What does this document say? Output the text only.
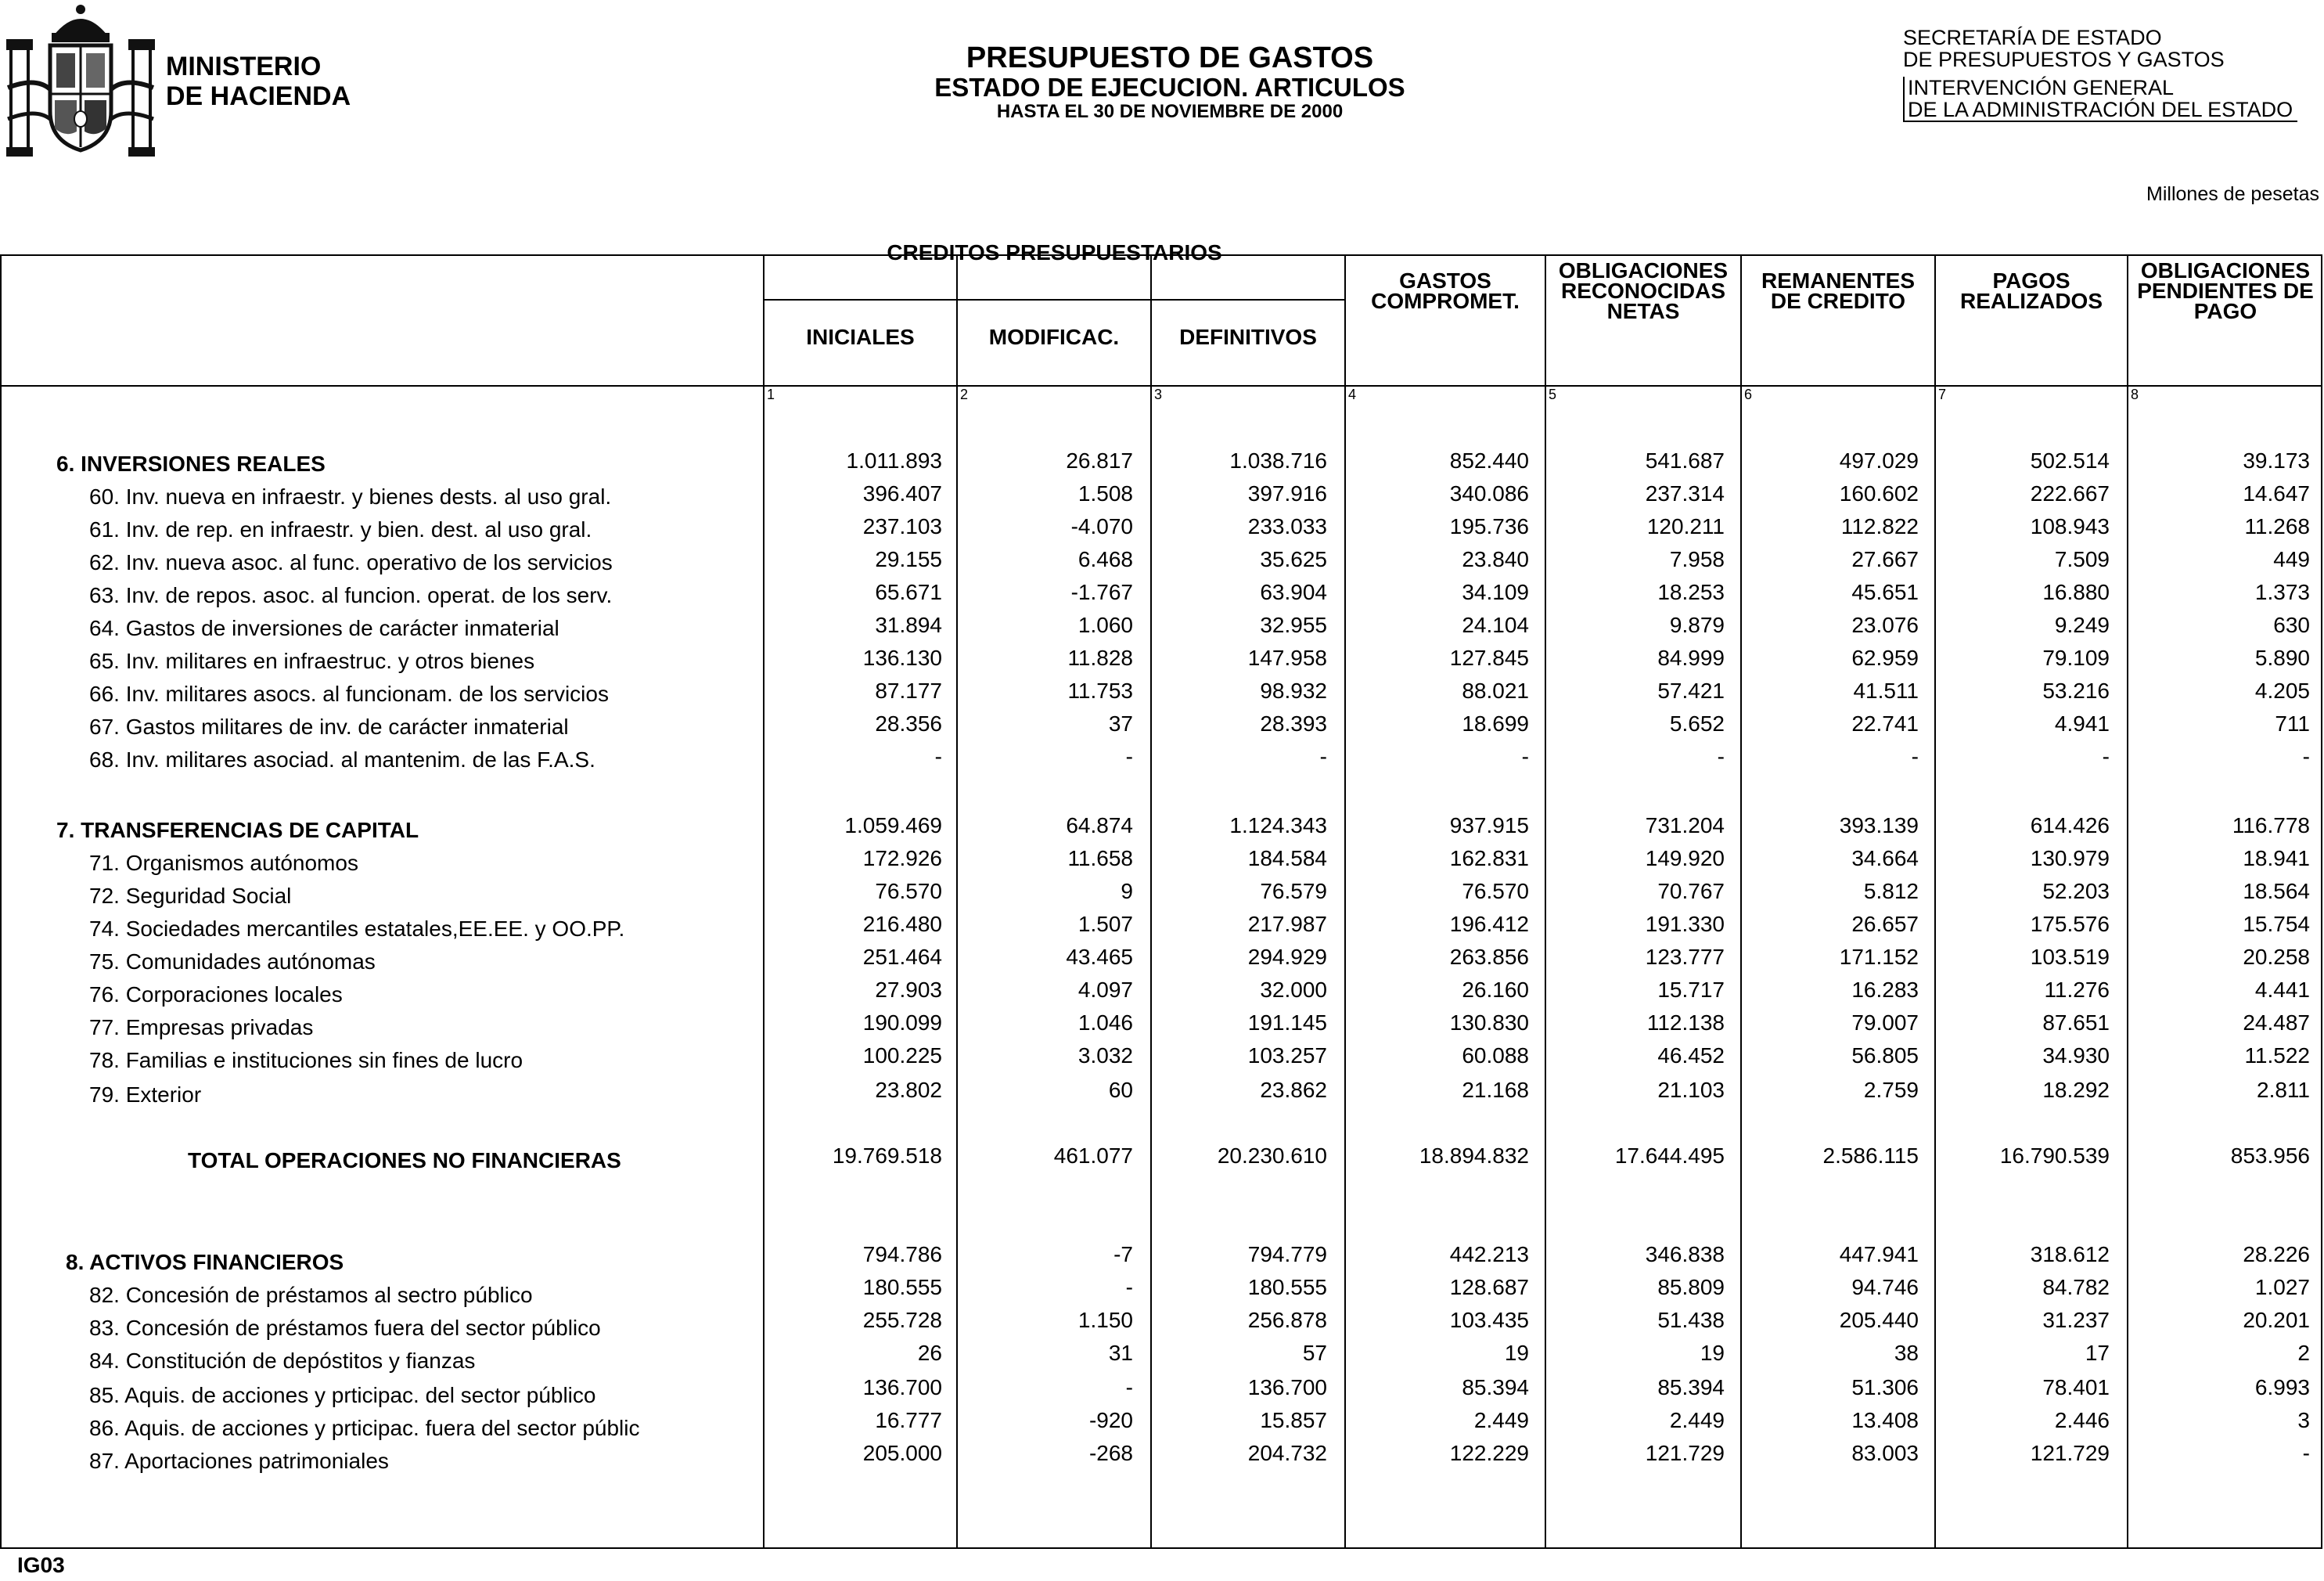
MINISTERIO
DE HACIENDA
PRESUPUESTO DE GASTOS
ESTADO DE EJECUCION. ARTICULOS
HASTA EL 30 DE NOVIEMBRE DE 2000
SECRETARÍA DE ESTADO
DE PRESUPUESTOS Y GASTOS
INTERVENCIÓN GENERAL
DE LA ADMINISTRACIÓN DEL ESTADO
Millones de pesetas
CREDITOS PRESUPUESTARIOS
INICIALES	MODIFICAC.	DEFINITIVOS
GASTOS
COMPROMET.
OBLIGACIONES
RECONOCIDAS
NETAS
REMANENTES
DE CREDITO
PAGOS
REALIZADOS
OBLIGACIONES
PENDIENTES DE
PAGO
1	2	3	4	5	6	7	8
6. INVERSIONES REALES	1.011.893	26.817	1.038.716	852.440	541.687	497.029	502.514	39.173
60. Inv. nueva en infraestr. y bienes dests. al uso gral.	396.407	1.508	397.916	340.086	237.314	160.602	222.667	14.647
61. Inv. de rep. en infraestr. y bien. dest. al uso gral.	237.103	-4.070	233.033	195.736	120.211	112.822	108.943	11.268
62. Inv. nueva asoc. al func. operativo de los servicios	29.155	6.468	35.625	23.840	7.958	27.667	7.509	449
63. Inv. de repos. asoc. al funcion. operat. de los serv.	65.671	-1.767	63.904	34.109	18.253	45.651	16.880	1.373
64. Gastos de inversiones de carácter inmaterial	31.894	1.060	32.955	24.104	9.879	23.076	9.249	630
65. Inv. militares en infraestruc. y otros bienes	136.130	11.828	147.958	127.845	84.999	62.959	79.109	5.890
66. Inv. militares asocs. al funcionam. de los servicios	87.177	11.753	98.932	88.021	57.421	41.511	53.216	4.205
67. Gastos militares de inv. de carácter inmaterial	28.356	37	28.393	18.699	5.652	22.741	4.941	711
68. Inv. militares asociad. al mantenim. de las F.A.S.	-	-	-	-	-	-	-	-
7. TRANSFERENCIAS DE CAPITAL	1.059.469	64.874	1.124.343	937.915	731.204	393.139	614.426	116.778
71. Organismos autónomos	172.926	11.658	184.584	162.831	149.920	34.664	130.979	18.941
72. Seguridad Social	76.570	9	76.579	76.570	70.767	5.812	52.203	18.564
74. Sociedades mercantiles estatales,EE.EE. y OO.PP.	216.480	1.507	217.987	196.412	191.330	26.657	175.576	15.754
75. Comunidades autónomas	251.464	43.465	294.929	263.856	123.777	171.152	103.519	20.258
76. Corporaciones locales	27.903	4.097	32.000	26.160	15.717	16.283	11.276	4.441
77. Empresas privadas	190.099	1.046	191.145	130.830	112.138	79.007	87.651	24.487
78. Familias e instituciones sin fines de lucro	100.225	3.032	103.257	60.088	46.452	56.805	34.930	11.522
79. Exterior	23.802	60	23.862	21.168	21.103	2.759	18.292	2.811
TOTAL OPERACIONES NO FINANCIERAS	19.769.518	461.077	20.230.610	18.894.832	17.644.495	2.586.115	16.790.539	853.956
8. ACTIVOS FINANCIEROS	794.786	-7	794.779	442.213	346.838	447.941	318.612	28.226
82. Concesión de préstamos al sectro público	180.555	-	180.555	128.687	85.809	94.746	84.782	1.027
83. Concesión de préstamos fuera del sector público	255.728	1.150	256.878	103.435	51.438	205.440	31.237	20.201
84. Constitución de depóstitos y fianzas	26	31	57	19	19	38	17	2
85. Aquis. de acciones y prticipac. del sector público	136.700	-	136.700	85.394	85.394	51.306	78.401	6.993
86. Aquis. de acciones y prticipac. fuera del sector públic	16.777	-920	15.857	2.449	2.449	13.408	2.446	3
87. Aportaciones patrimoniales	205.000	-268	204.732	122.229	121.729	83.003	121.729	-
IG03
